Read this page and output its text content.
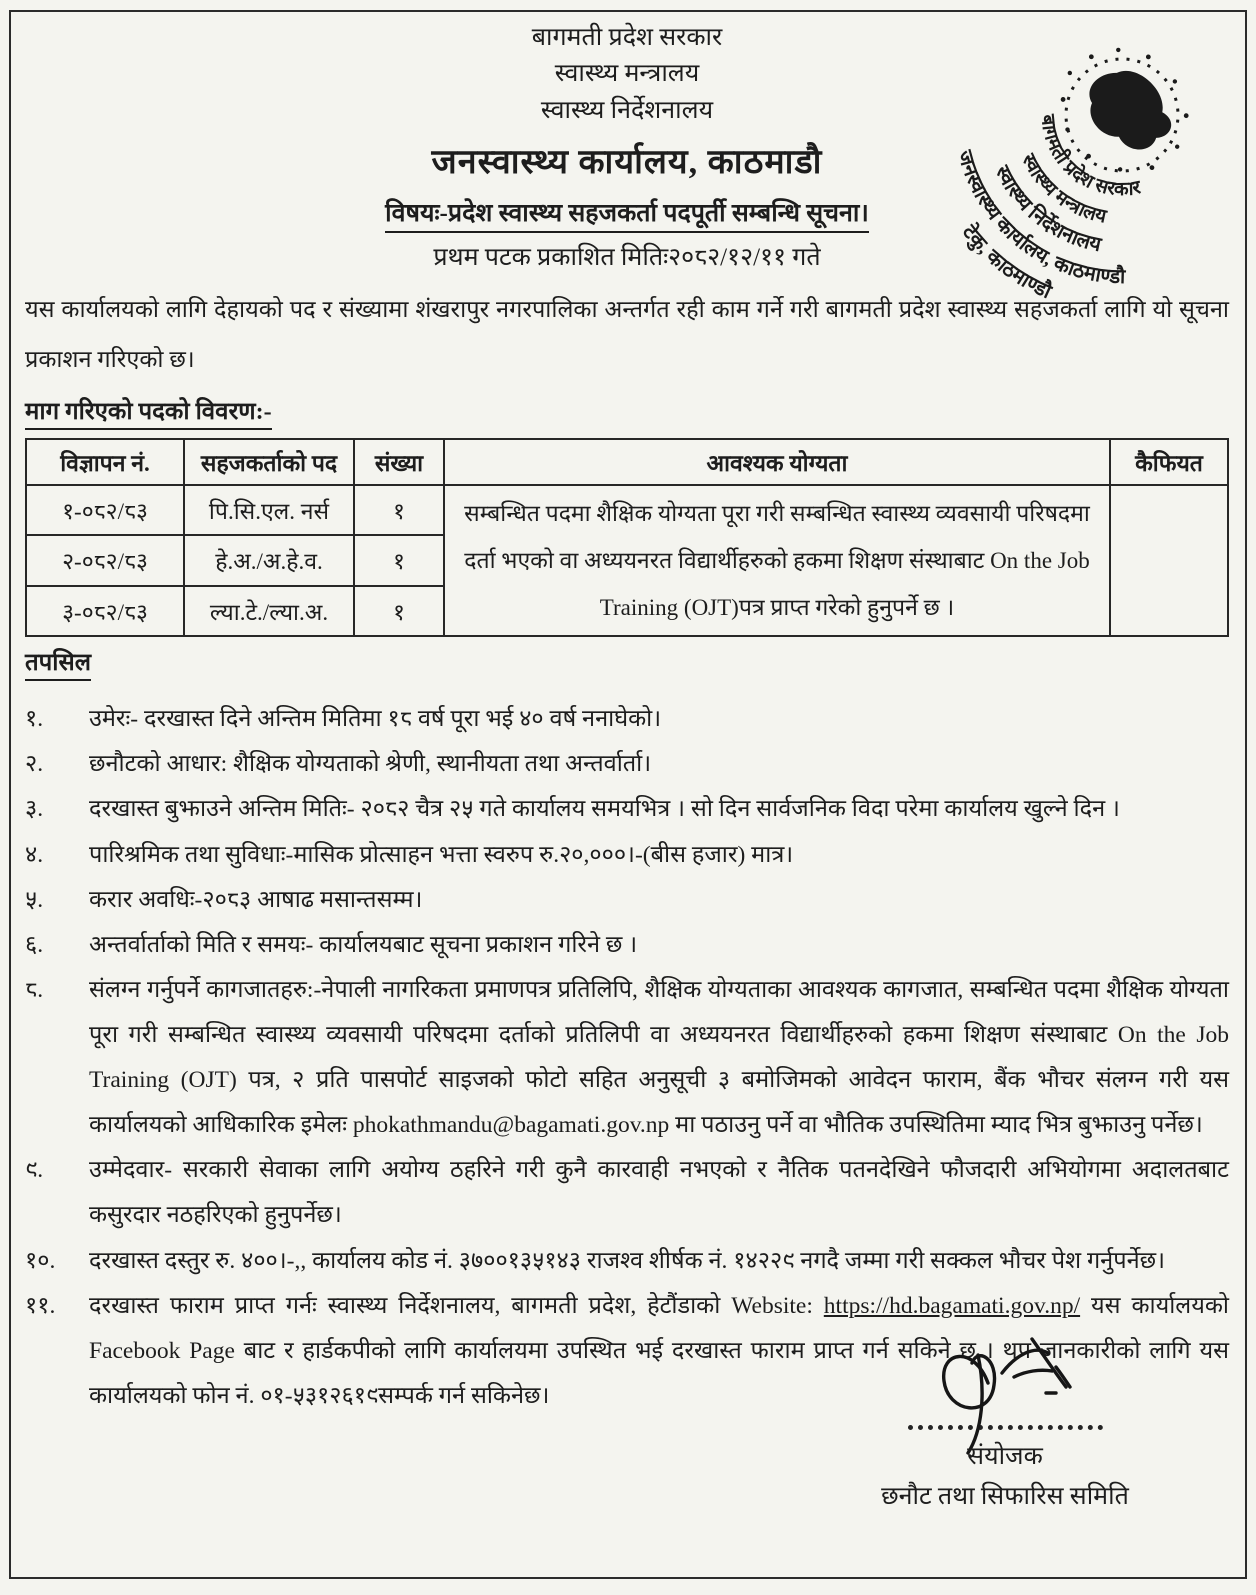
बागमती प्रदेश सरकार
स्वास्थ्य मन्त्रालय
स्वास्थ्य निर्देशनालय
जनस्वास्थ्य कार्यालय, काठमाण्डौ
टेकु, काठमाण्डौ
बागमती प्रदेश सरकार
स्वास्थ्य मन्त्रालय
स्वास्थ्य निर्देशनालय
जनस्वास्थ्य कार्यालय, काठमाडौ
विषयः-प्रदेश स्वास्थ्य सहजकर्ता पदपूर्ती सम्बन्धि सूचना।
प्रथम पटक प्रकाशित मितिः२०८२/१२/११ गते

यस कार्यालयको लागि देहायको पद र संख्यामा शंखरापुर नगरपालिका अन्तर्गत रही काम गर्ने गरी बागमती प्रदेश स्वास्थ्य सहजकर्ता लागि यो सूचना प्रकाशन गरिएको छ।

माग गरिएको पदको विवरण:-
विज्ञापन नं.	सहजकर्ताको पद	संख्या	आवश्यक योग्यता	कैफियत
१-०८२/८३	पि.सि.एल. नर्स	१	सम्बन्धित पदमा शैक्षिक योग्यता पूरा गरी सम्बन्धित स्वास्थ्य व्यवसायी परिषदमा दर्ता भएको वा अध्ययनरत विद्यार्थीहरुको हकमा शिक्षण संस्थाबाट On the Job Training (OJT)पत्र प्राप्त गरेको हुनुपर्ने छ ।	
२-०८२/८३	हे.अ./अ.हे.व.	१		
३-०८२/८३	ल्या.टे./ल्या.अ.	१		
तपसिल
१.	उमेरः- दरखास्त दिने अन्तिम मितिमा १८ वर्ष पूरा भई ४० वर्ष ननाघेको।
२.	छनौटको आधार: शैक्षिक योग्यताको श्रेणी, स्थानीयता तथा अन्तर्वार्ता।
३.	दरखास्त बुझाउने अन्तिम मितिः- २०८२ चैत्र २५ गते कार्यालय समयभित्र । सो दिन सार्वजनिक विदा परेमा कार्यालय खुल्ने दिन ।
४.	पारिश्रमिक तथा सुविधाः-मासिक प्रोत्साहन भत्ता स्वरुप रु.२०,०००।-(बीस हजार) मात्र।
५.	करार अवधिः-२०८३ आषाढ मसान्तसम्म।
६.	अन्तर्वार्ताको मिति र समयः- कार्यालयबाट सूचना प्रकाशन गरिने छ ।
८.	संलग्न गर्नुपर्ने कागजातहरु:-नेपाली नागरिकता प्रमाणपत्र प्रतिलिपि, शैक्षिक योग्यताका आवश्यक कागजात, सम्बन्धित पदमा शैक्षिक योग्यता पूरा गरी सम्बन्धित स्वास्थ्य व्यवसायी परिषदमा दर्ताको प्रतिलिपी वा अध्ययनरत विद्यार्थीहरुको हकमा शिक्षण संस्थाबाट On the Job Training (OJT) पत्र, २ प्रति पासपोर्ट साइजको फोटो सहित अनुसूची ३ बमोजिमको आवेदन फाराम, बैंक भौचर संलग्न गरी यस कार्यालयको आधिकारिक इमेलः phokathmandu@bagamati.gov.np मा पठाउनु पर्ने वा भौतिक उपस्थितिमा म्याद भित्र बुझाउनु पर्नेछ।
९.	उम्मेदवार- सरकारी सेवाका लागि अयोग्य ठहरिने गरी कुनै कारवाही नभएको र नैतिक पतनदेखिने फौजदारी अभियोगमा अदालतबाट कसुरदार नठहरिएको हुनुपर्नेछ।
१०.	दरखास्त दस्तुर रु. ४००।-,, कार्यालय कोड नं. ३७००१३५१४३ राजश्व शीर्षक नं. १४२२९ नगदै जम्मा गरी सक्कल भौचर पेश गर्नुपर्नेछ।
११.	दरखास्त फाराम प्राप्त गर्नः स्वास्थ्य निर्देशनालय, बागमती प्रदेश, हेटौंडाको Website: https://hd.bagamati.gov.np/ यस कार्यालयको Facebook Page बाट र हार्डकपीको लागि कार्यालयमा उपस्थित भई दरखास्त फाराम प्राप्त गर्न सकिने छ । थप जानकारीको लागि यस कार्यालयको फोन नं. ०१-५३१२६१९सम्पर्क गर्न सकिनेछ।
संयोजक
छनौट तथा सिफारिस समिति
